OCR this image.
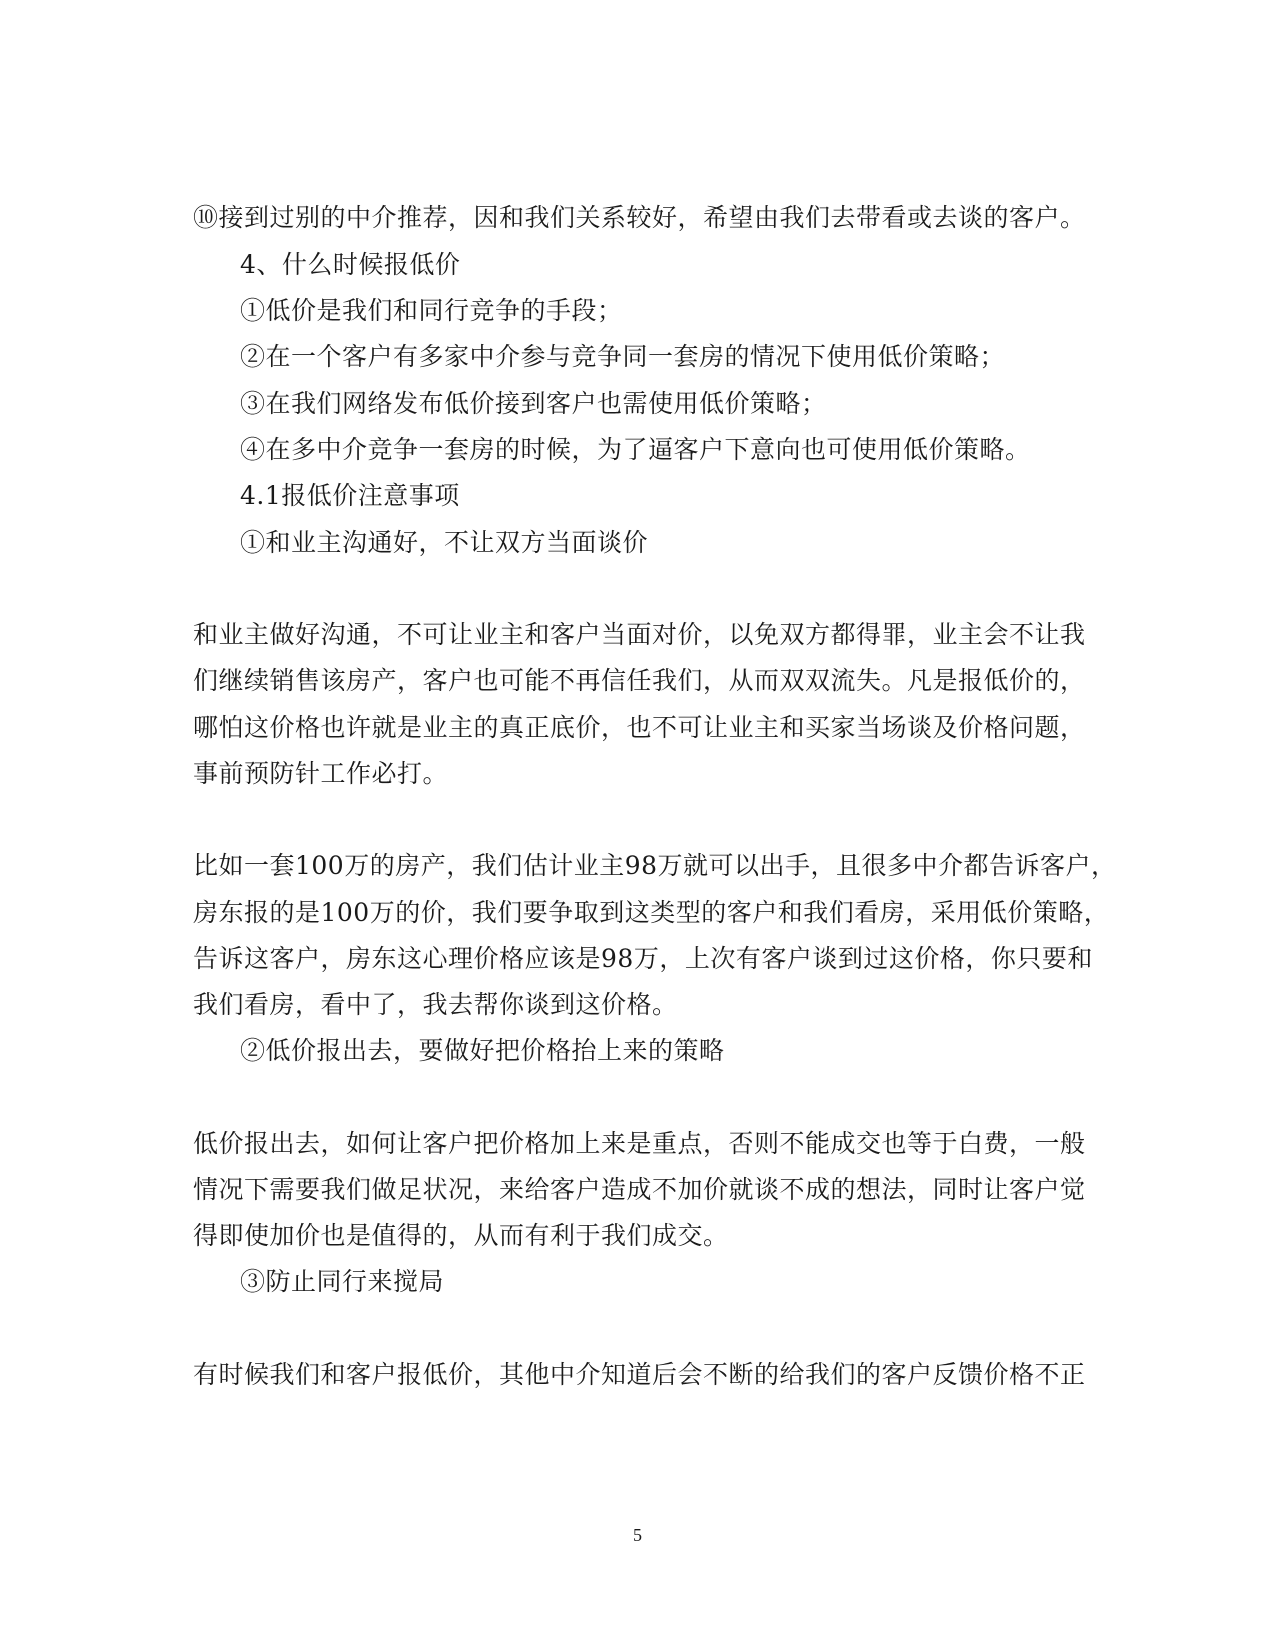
⑩接到过别的中介推荐，因和我们关系较好，希望由我们去带看或去谈的客户。
4、什么时候报低价
①低价是我们和同行竞争的手段；
②在一个客户有多家中介参与竞争同一套房的情况下使用低价策略；
③在我们网络发布低价接到客户也需使用低价策略；
④在多中介竞争一套房的时候，为了逼客户下意向也可使用低价策略。
4.1报低价注意事项
①和业主沟通好，不让双方当面谈价
和业主做好沟通，不可让业主和客户当面对价，以免双方都得罪，业主会不让我
们继续销售该房产，客户也可能不再信任我们，从而双双流失。凡是报低价的，
哪怕这价格也许就是业主的真正底价，也不可让业主和买家当场谈及价格问题，
事前预防针工作必打。
比如一套100万的房产，我们估计业主98万就可以出手，且很多中介都告诉客户，
房东报的是100万的价，我们要争取到这类型的客户和我们看房，采用低价策略，
告诉这客户，房东这心理价格应该是98万，上次有客户谈到过这价格，你只要和
我们看房，看中了，我去帮你谈到这价格。
②低价报出去，要做好把价格抬上来的策略
低价报出去，如何让客户把价格加上来是重点，否则不能成交也等于白费，一般
情况下需要我们做足状况，来给客户造成不加价就谈不成的想法，同时让客户觉
得即使加价也是值得的，从而有利于我们成交。
③防止同行来搅局
有时候我们和客户报低价，其他中介知道后会不断的给我们的客户反馈价格不正
5
